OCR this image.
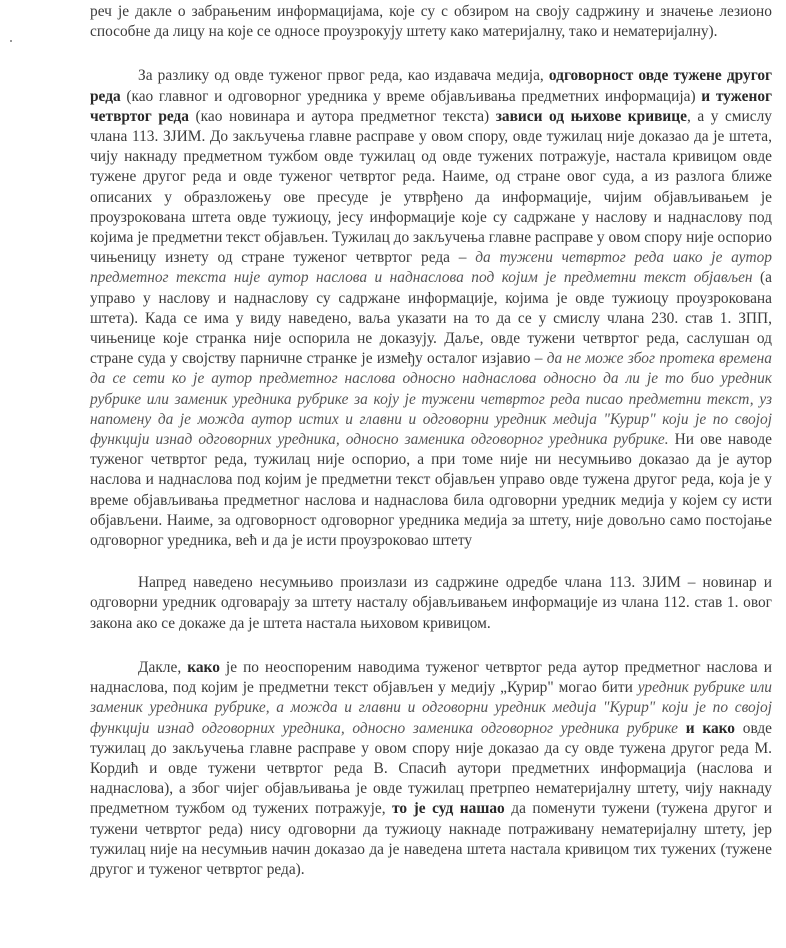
реч је дакле о забрањеним информацијама, које су с обзиром на своју садржину и значење лезионо способне да лицу на које се односе проузрокују штету како материјалну, тако и нематеријалну).

За разлику од овде туженог првог реда, као издавача медија, одговорност овде тужене другог реда (као главног и одговорног уредника у време објављивања предметних информација) и туженог четвртог реда (као новинара и аутора предметног текста) зависи од њихове кривице, а у смислу члана 113. ЗЈИМ. До закључења главне расправе у овом спору, овде тужилац није доказао да је штета, чију накнаду предметном тужбом овде тужилац од овде тужених потражује, настала кривицом овде тужене другог реда и овде туженог четвртог реда. Наиме, од стране овог суда, а из разлога ближе описаних у образложењу ове пресуде је утврђено да информације, чијим објављивањем је проузрокована штета овде тужиоцу, јесу информације које су садржане у наслову и наднаслову под којима је предметни текст објављен. Тужилац до закључења главне расправе у овом спору није оспорио чињеницу изнету од стране туженог четвртог реда – да тужени четвртог реда иако је аутор предметног текста није аутор наслова и наднаслова под којим је предметни текст објављен (а управо у наслову и наднаслову су садржане информације, којима је овде тужиоцу проузрокована штета). Када се има у виду наведено, ваља указати на то да се у смислу члана 230. став 1. ЗПП, чињенице које странка није оспорила не доказују. Даље, овде тужени четвртог реда, саслушан од стране суда у својству парничне странке је између осталог изјавио – да не може због протека времена да се сети ко је аутор предметног наслова односно наднаслова односно да ли је то био уредник рубрике или заменик уредника рубрике за коју је тужени четвртог реда писао предметни текст, уз напомену да је можда аутор истих и главни и одговорни уредник медија "Курир" који је по својој функцији изнад одговорних уредника, односно заменика одговорног уредника рубрике. Ни ове наводе туженог четвртог реда, тужилац није оспорио, а при томе није ни несумњиво доказао да је аутор наслова и наднаслова под којим је предметни текст објављен управо овде тужена другог реда, која је у време објављивања предметног наслова и наднаслова била одговорни уредник медија у којем су исти објављени. Наиме, за одговорност одговорног уредника медија за штету, није довољно само постојање одговорног уредника, већ и да је исти проузроковао штету

Напред наведено несумњиво произлази из садржине одредбе члана 113. ЗЈИМ – новинар и одговорни уредник одговарају за штету насталу објављивањем информације из члана 112. став 1. овог закона ако се докаже да је штета настала њиховом кривицом.

Дакле, како је по неоспореним наводима туженог четвртог реда аутор предметног наслова и наднаслова, под којим је предметни текст објављен у медију „Курир" могао бити уредник рубрике или заменик уредника рубрике, а можда и главни и одговорни уредник медија "Курир" који је по својој функцији изнад одговорних уредника, односно заменика одговорног уредника рубрике и како овде тужилац до закључења главне расправе у овом спору није доказао да су овде тужена другог реда М. Кордић и овде тужени четвртог реда В. Спасић аутори предметних информација (наслова и наднаслова), а због чијег објављивања је овде тужилац претрпео нематеријалну штету, чију накнаду предметном тужбом од тужених потражује, то је суд нашао да поменути тужени (тужена другог и тужени четвртог реда) нису одговорни да тужиоцу накнаде потраживану нематеријалну штету, јер тужилац није на несумњив начин доказао да је наведена штета настала кривицом тих тужених (тужене другог и туженог четвртог реда).
